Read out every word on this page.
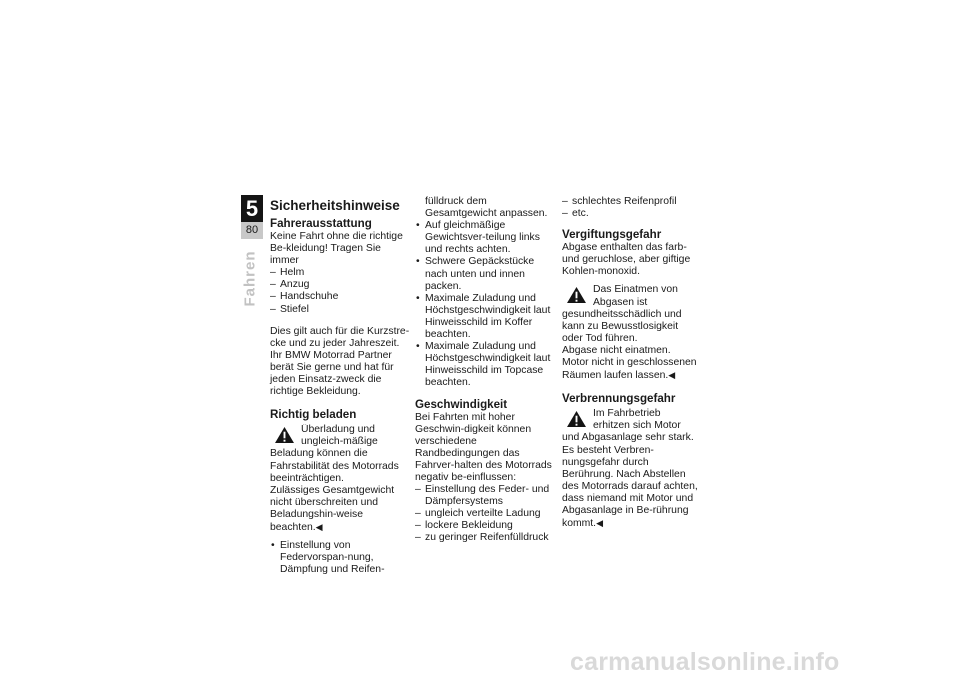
5
80
Fahren
Sicherheitshinweise
Fahrerausstattung

Keine Fahrt ohne die richtige Be-kleidung! Tragen Sie immer

– Helm
– Anzug
– Handschuhe
– Stiefel

Dies gilt auch für die Kurzstre-cke und zu jeder Jahreszeit. Ihr BMW Motorrad Partner berät Sie gerne und hat für jeden Einsatz-zweck die richtige Bekleidung.

Richtig beladen
Überladung und ungleich-mäßige Beladung können die Fahrstabilität des Motorrads beeinträchtigen.

Zulässiges Gesamtgewicht nicht überschreiten und Beladungshin-weise beachten.◀

• Einstellung von Federvorspan-nung, Dämpfung und Reifen-

fülldruck dem Gesamtgewicht anpassen.

• Auf gleichmäßige Gewichtsver-teilung links und rechts achten.
• Schwere Gepäckstücke nach unten und innen packen.
• Maximale Zuladung und Höchstgeschwindigkeit laut Hinweisschild im Koffer beachten.
• Maximale Zuladung und Höchstgeschwindigkeit laut Hinweisschild im Topcase beachten.
Geschwindigkeit

Bei Fahrten mit hoher Geschwin-digkeit können verschiedene Randbedingungen das Fahrver-halten des Motorrads negativ be-einflussen:

– Einstellung des Feder- und Dämpfersystems
– ungleich verteilte Ladung
– lockere Bekleidung
– zu geringer Reifenfülldruck
– schlechtes Reifenprofil
– etc.
Vergiftungsgefahr

Abgase enthalten das farb- und geruchlose, aber giftige Kohlen-monoxid.

Das Einatmen von Abgasen ist gesundheitsschädlich und kann zu Bewusstlosigkeit oder Tod führen.

Abgase nicht einatmen. Motor nicht in geschlossenen Räumen laufen lassen.◀

Verbrennungsgefahr
Im Fahrbetrieb erhitzen sich Motor und Abgasanlage sehr stark. Es besteht Verbren-nungsgefahr durch Berührung. Nach Abstellen des Motorrads darauf achten, dass niemand mit Motor und Abgasanlage in Be-rührung kommt.◀
carmanualsonline.info
